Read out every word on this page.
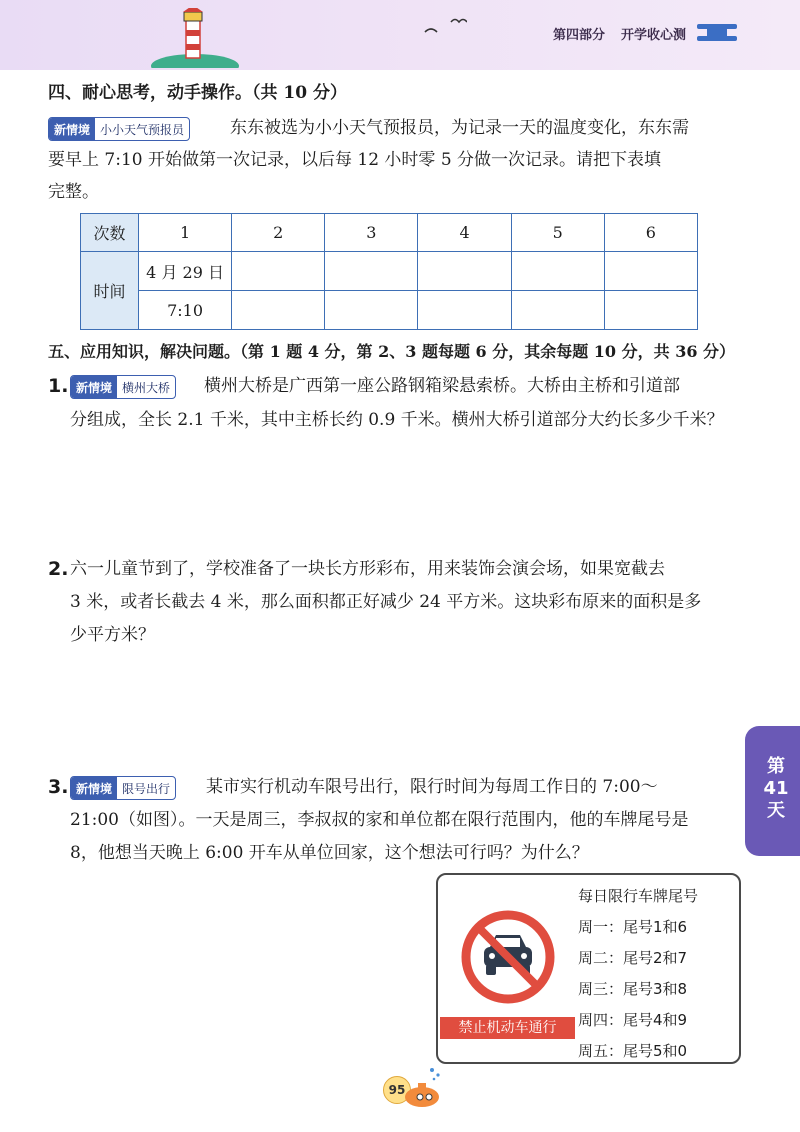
第四部分 开学收心测
四、耐心思考，动手操作。（共 10 分）
新情境 小小天气预报员	东东被选为小小天气预报员，为记录一天的温度变化，东东需
要早上 7:10 开始做第一次记录，以后每 12 小时零 5 分做一次记录。请把下表填
完整。
次数	1	2	3	4	5	6
时间	4 月 29 日					
	7:10					
五、应用知识，解决问题。（第 1 题 4 分，第 2、3 题每题 6 分，其余每题 10 分，共 36 分）
1. 新情境 横州大桥 横州大桥是广西第一座公路钢箱梁悬索桥。大桥由主桥和引道部
分组成，全长 2.1 千米，其中主桥长约 0.9 千米。横州大桥引道部分大约长多少千米？
2. 六一儿童节到了，学校准备了一块长方形彩布，用来装饰会演会场，如果宽截去
3 米，或者长截去 4 米，那么面积都正好减少 24 平方米。这块彩布原来的面积是多
少平方米？
3. 新情境 限号出行 某市实行机动车限号出行，限行时间为每周工作日的 7:00～
21:00（如图）。一天是周三，李叔叔的家和单位都在限行范围内，他的车牌尾号是
8，他想当天晚上 6:00 开车从单位回家，这个想法可行吗？为什么？
第
41
天
禁止机动车通行
每日限行车牌尾号
周一：尾号1和6
周二：尾号2和7
周三：尾号3和8
周四：尾号4和9
周五：尾号5和0
95
